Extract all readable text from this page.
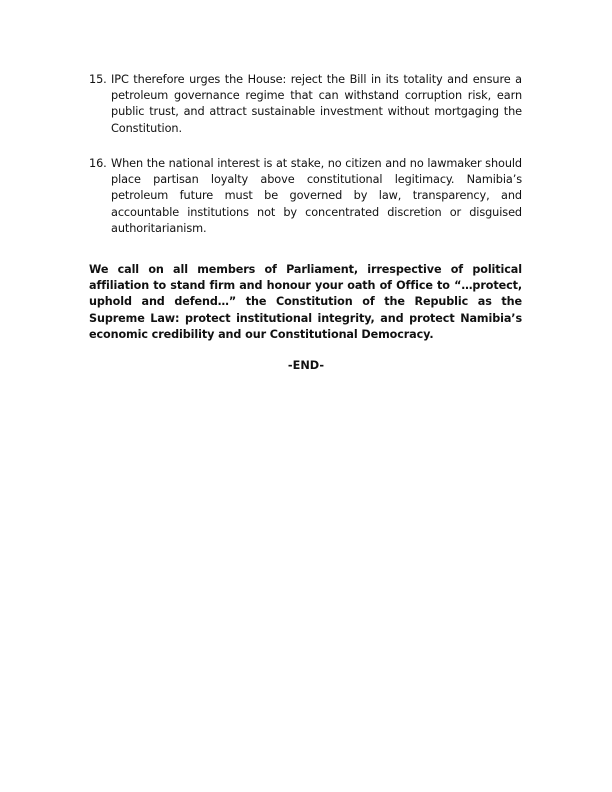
15. IPC therefore urges the House: reject the Bill in its totality and ensure a petroleum governance regime that can withstand corruption risk, earn public trust, and attract sustainable investment without mortgaging the Constitution.
16. When the national interest is at stake, no citizen and no lawmaker should place partisan loyalty above constitutional legitimacy. Namibia’s petroleum future must be governed by law, transparency, and accountable institutions not by concentrated discretion or disguised authoritarianism.
We call on all members of Parliament, irrespective of political affiliation to stand firm and honour your oath of Office to “…protect, uphold and defend…” the Constitution of the Republic as the Supreme Law: protect institutional integrity, and protect Namibia’s economic credibility and our Constitutional Democracy.
-END-
